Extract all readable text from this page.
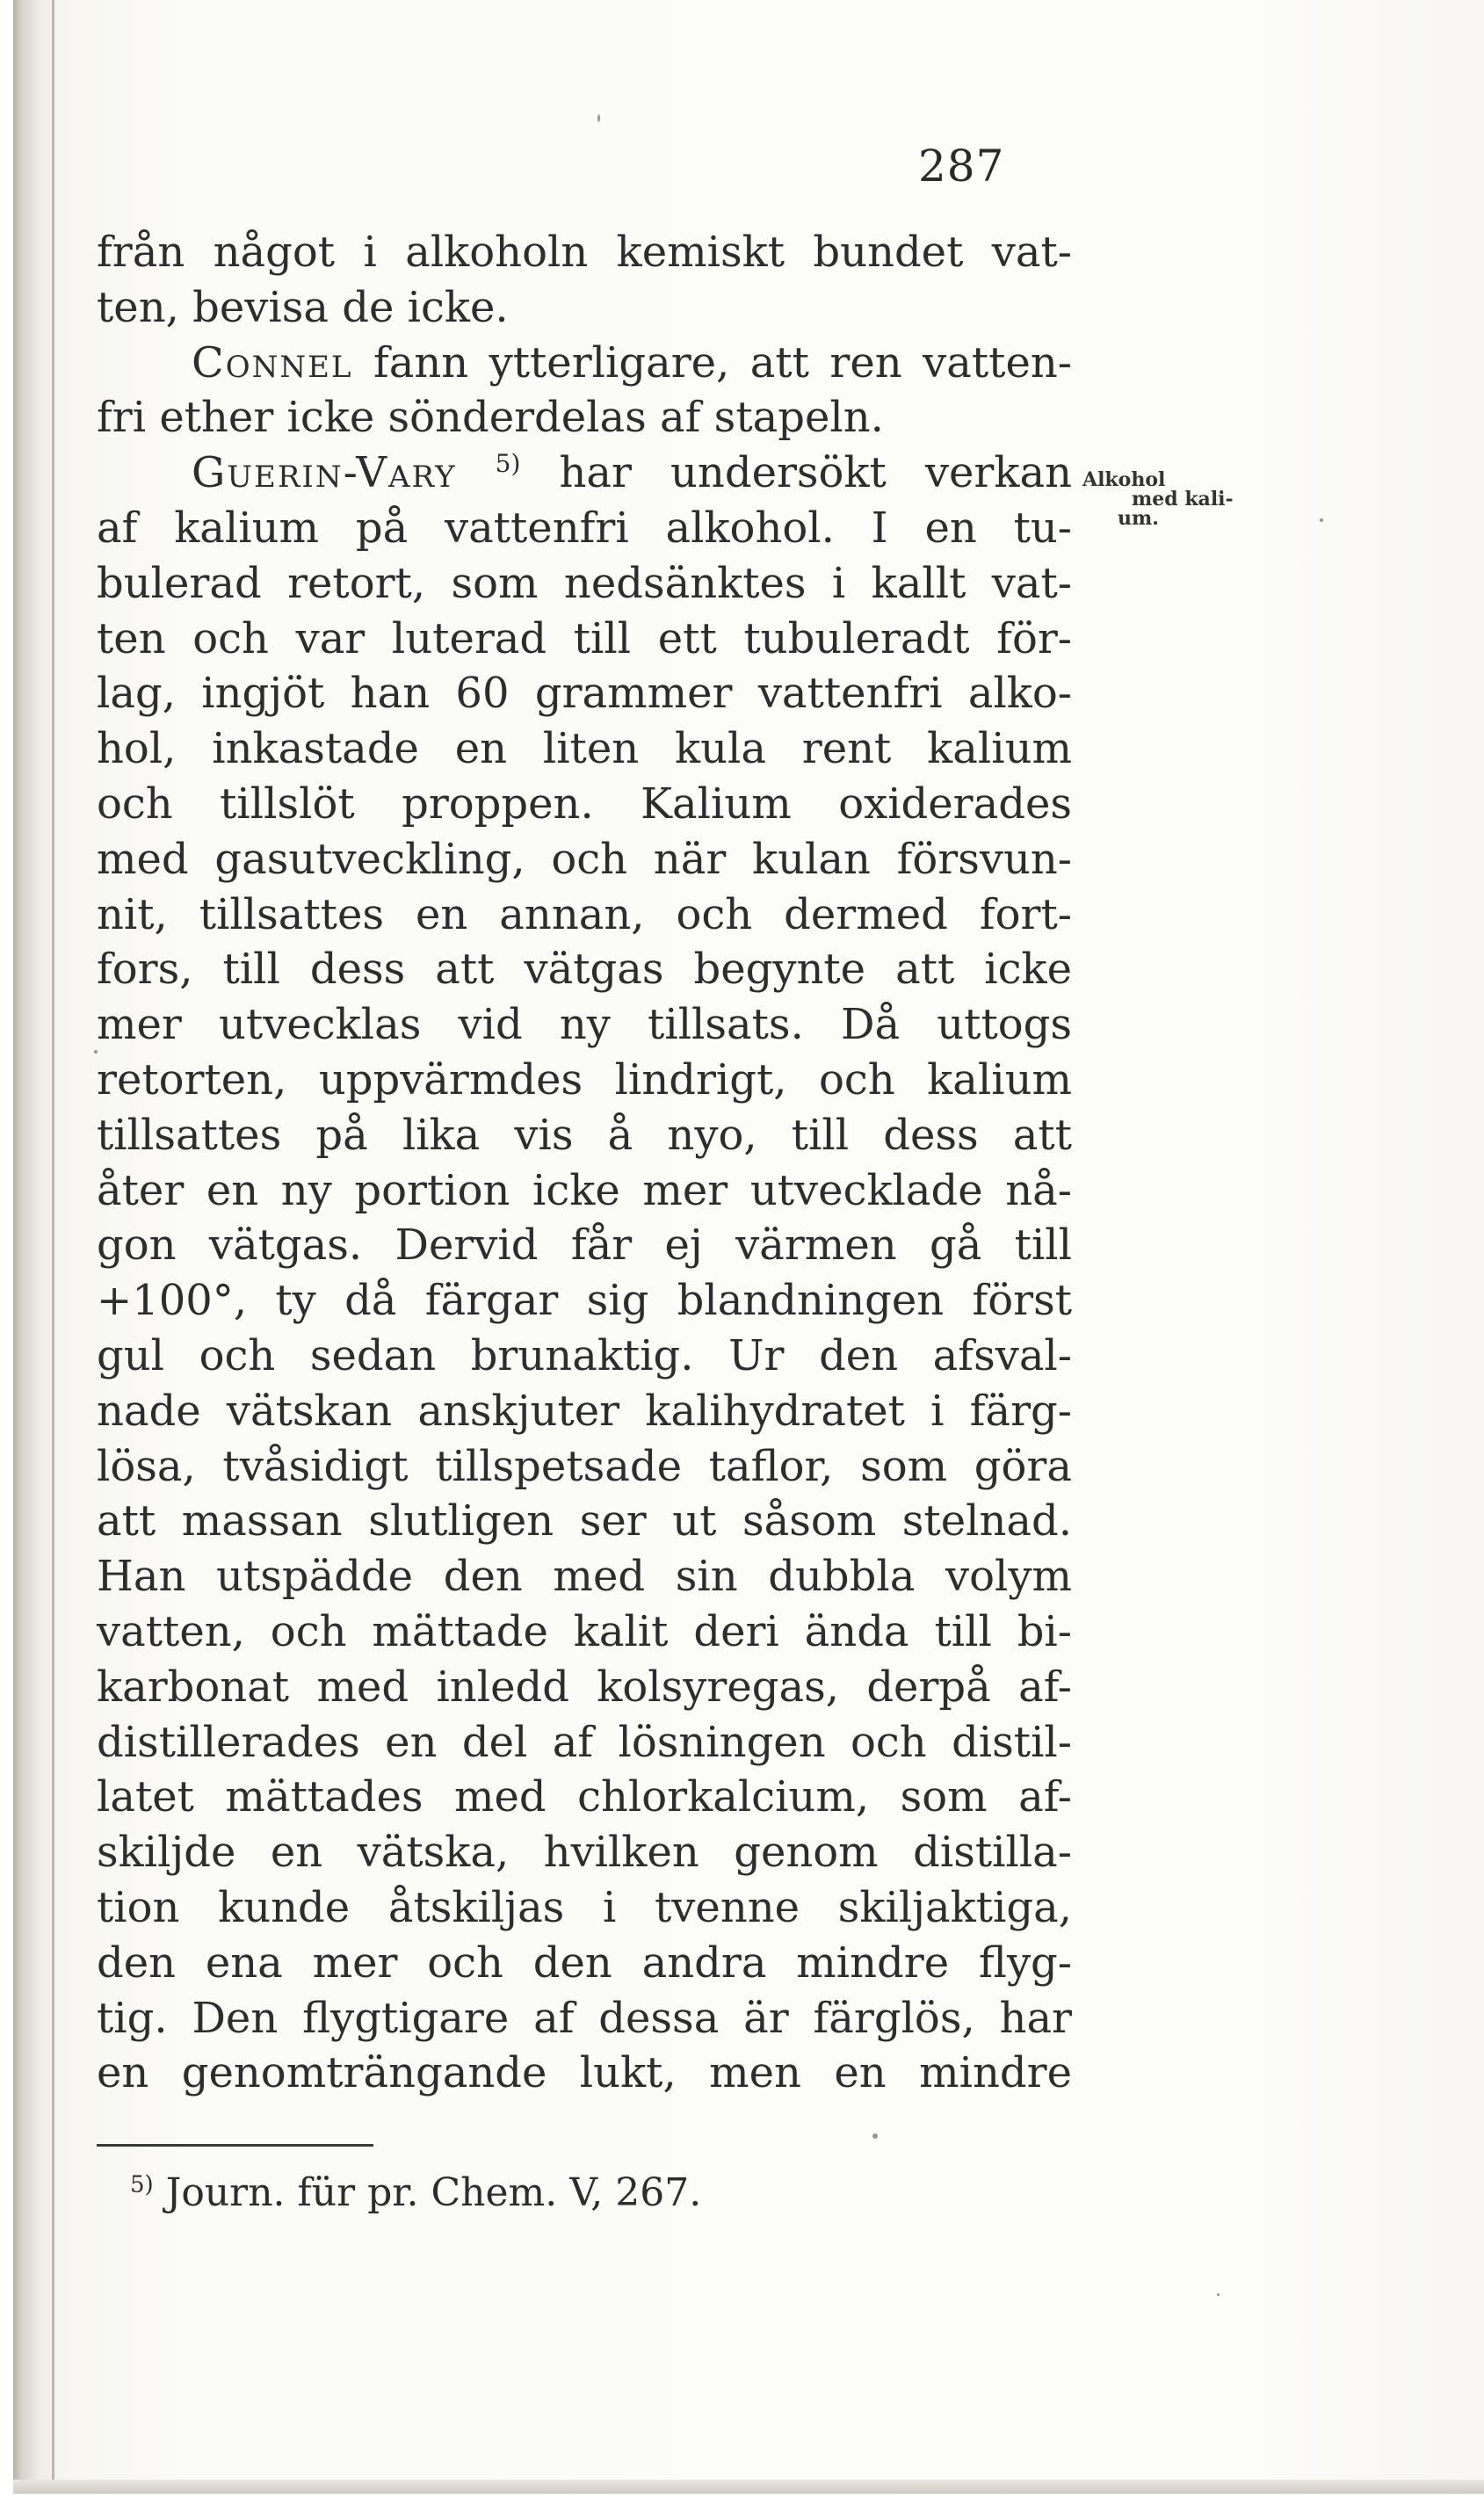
287
från något i alkoholn kemiskt bundet vat-
ten, bevisa de icke.
Connel fann ytterligare, att ren vatten-
fri ether icke sönderdelas af stapeln.
Guerin-Vary $^{5)}$ har undersökt verkan
af kalium på vattenfri alkohol. I en tu-
bulerad retort, som nedsänktes i kallt vat-
ten och var luterad till ett tubuleradt för-
lag, ingjöt han 60 grammer vattenfri alko-
hol, inkastade en liten kula rent kalium
och tillslöt proppen. Kalium oxiderades
med gasutveckling, och när kulan försvun-
nit, tillsattes en annan, och dermed fort-
fors, till dess att vätgas begynte att icke
mer utvecklas vid ny tillsats. Då uttogs
retorten, uppvärmdes lindrigt, och kalium
tillsattes på lika vis å nyo, till dess att
åter en ny portion icke mer utvecklade nå-
gon vätgas. Dervid får ej värmen gå till
+100°, ty då färgar sig blandningen först
gul och sedan brunaktig. Ur den afsval-
nade vätskan anskjuter kalihydratet i färg-
lösa, tvåsidigt tillspetsade taflor, som göra
att massan slutligen ser ut såsom stelnad.
Han utspädde den med sin dubbla volym
vatten, och mättade kalit deri ända till bi-
karbonat med inledd kolsyregas, derpå af-
distillerades en del af lösningen och distil-
latet mättades med chlorkalcium, som af-
skiljde en vätska, hvilken genom distilla-
tion kunde åtskiljas i tvenne skiljaktiga,
den ena mer och den andra mindre flyg-
tig. Den flygtigare af dessa är färglös, har
en genomträngande lukt, men en mindre
Alkohol
med kali-
um.
$^{5)}$ Journ. für pr. Chem. V, 267.
